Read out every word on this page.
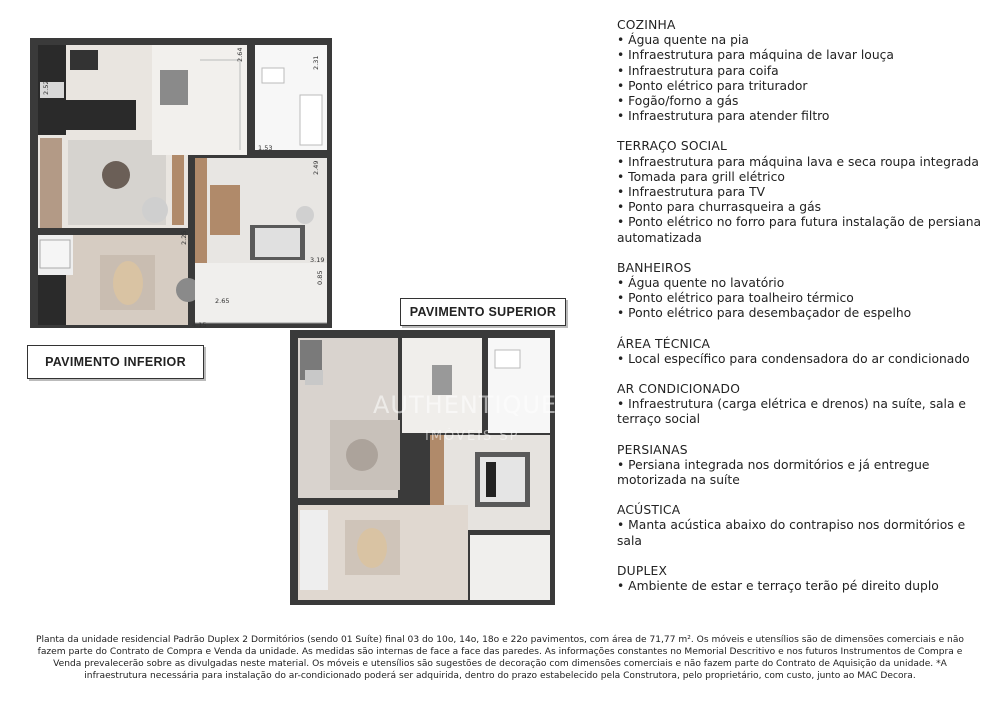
2.64
2.31
1.53
2.49
2.25
3.19
2.65
0.85
4.15
2.52
AUTHENTIQUE
IMÓVEIS SP
PAVIMENTO INFERIOR
PAVIMENTO SUPERIOR
COZINHA
• Água quente na pia
• Infraestrutura para máquina de lavar louça
• Infraestrutura para coifa
• Ponto elétrico para triturador
• Fogão/forno a gás
• Infraestrutura para atender filtro
TERRAÇO SOCIAL
• Infraestrutura para máquina lava e seca roupa integrada
• Tomada para grill elétrico
• Infraestrutura para TV
• Ponto para churrasqueira a gás
• Ponto elétrico no forro para futura instalação de persiana automatizada
BANHEIROS
• Água quente no lavatório
• Ponto elétrico para toalheiro térmico
• Ponto elétrico para desembaçador de espelho
ÁREA TÉCNICA
• Local específico para condensadora do ar condicionado
AR CONDICIONADO
• Infraestrutura (carga elétrica e drenos) na suíte, sala e terraço social
PERSIANAS
• Persiana integrada nos dormitórios e já entregue motorizada na suíte
ACÚSTICA
• Manta acústica abaixo do contrapiso nos dormitórios e sala
DUPLEX
• Ambiente de estar e terraço terão pé direito duplo
Planta da unidade residencial Padrão Duplex 2 Dormitórios (sendo 01 Suíte) final 03 do 10o, 14o, 18o e 22o pavimentos, com área de 71,77 m². Os móveis e utensílios são de dimensões comerciais e não fazem parte do Contrato de Compra e Venda da unidade. As medidas são internas de face a face das paredes. As informações constantes no Memorial Descritivo e nos futuros Instrumentos de Compra e Venda prevalecerão sobre as divulgadas neste material. Os móveis e utensílios são sugestões de decoração com dimensões comerciais e não fazem parte do Contrato de Aquisição da unidade. *A infraestrutura necessária para instalação do ar-condicionado poderá ser adquirida, dentro do prazo estabelecido pela Construtora, pelo proprietário, com custo, junto ao MAC Decora.
